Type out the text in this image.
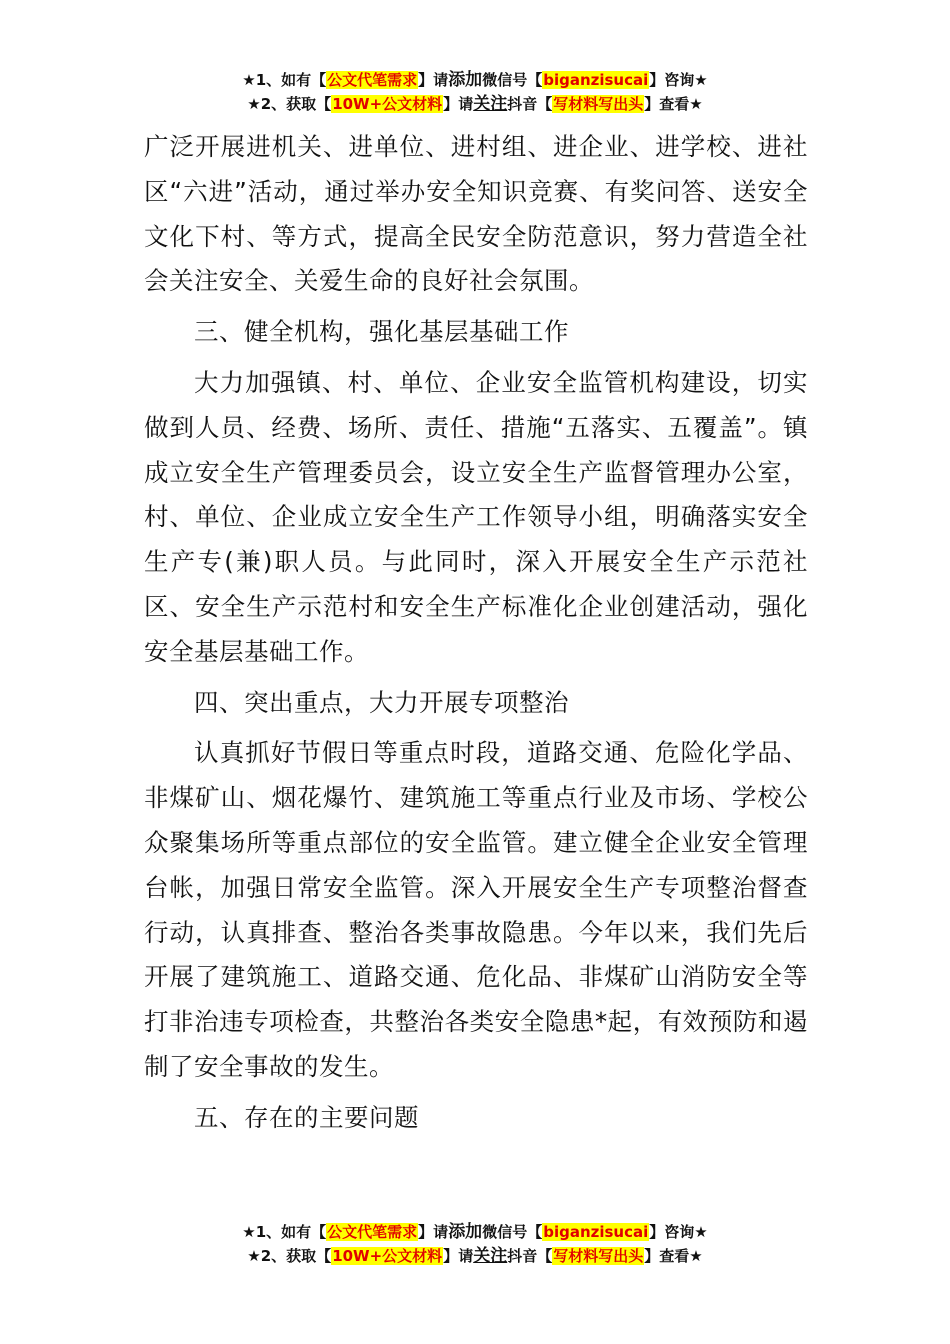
★1、如有【公文代笔需求】请添加微信号【biganzisucai】咨询★
★2、获取【10W+公文材料】请关注抖音【写材料写出头】查看★

广泛开展进机关、进单位、进村组、进企业、进学校、进社区“六进”活动，通过举办安全知识竞赛、有奖问答、送安全文化下村、等方式，提高全民安全防范意识，努力营造全社会关注安全、关爱生命的良好社会氛围。

三、健全机构，强化基层基础工作

大力加强镇、村、单位、企业安全监管机构建设，切实做到人员、经费、场所、责任、措施“五落实、五覆盖”。镇成立安全生产管理委员会，设立安全生产监督管理办公室，村、单位、企业成立安全生产工作领导小组，明确落实安全生产专(兼)职人员。与此同时，深入开展安全生产示范社区、安全生产示范村和安全生产标准化企业创建活动，强化安全基层基础工作。

四、突出重点，大力开展专项整治

认真抓好节假日等重点时段，道路交通、危险化学品、非煤矿山、烟花爆竹、建筑施工等重点行业及市场、学校公众聚集场所等重点部位的安全监管。建立健全企业安全管理台帐，加强日常安全监管。深入开展安全生产专项整治督查行动，认真排查、整治各类事故隐患。今年以来，我们先后开展了建筑施工、道路交通、危化品、非煤矿山消防安全等打非治违专项检查，共整治各类安全隐患*起，有效预防和遏制了安全事故的发生。

五、存在的主要问题

★1、如有【公文代笔需求】请添加微信号【biganzisucai】咨询★
★2、获取【10W+公文材料】请关注抖音【写材料写出头】查看★
